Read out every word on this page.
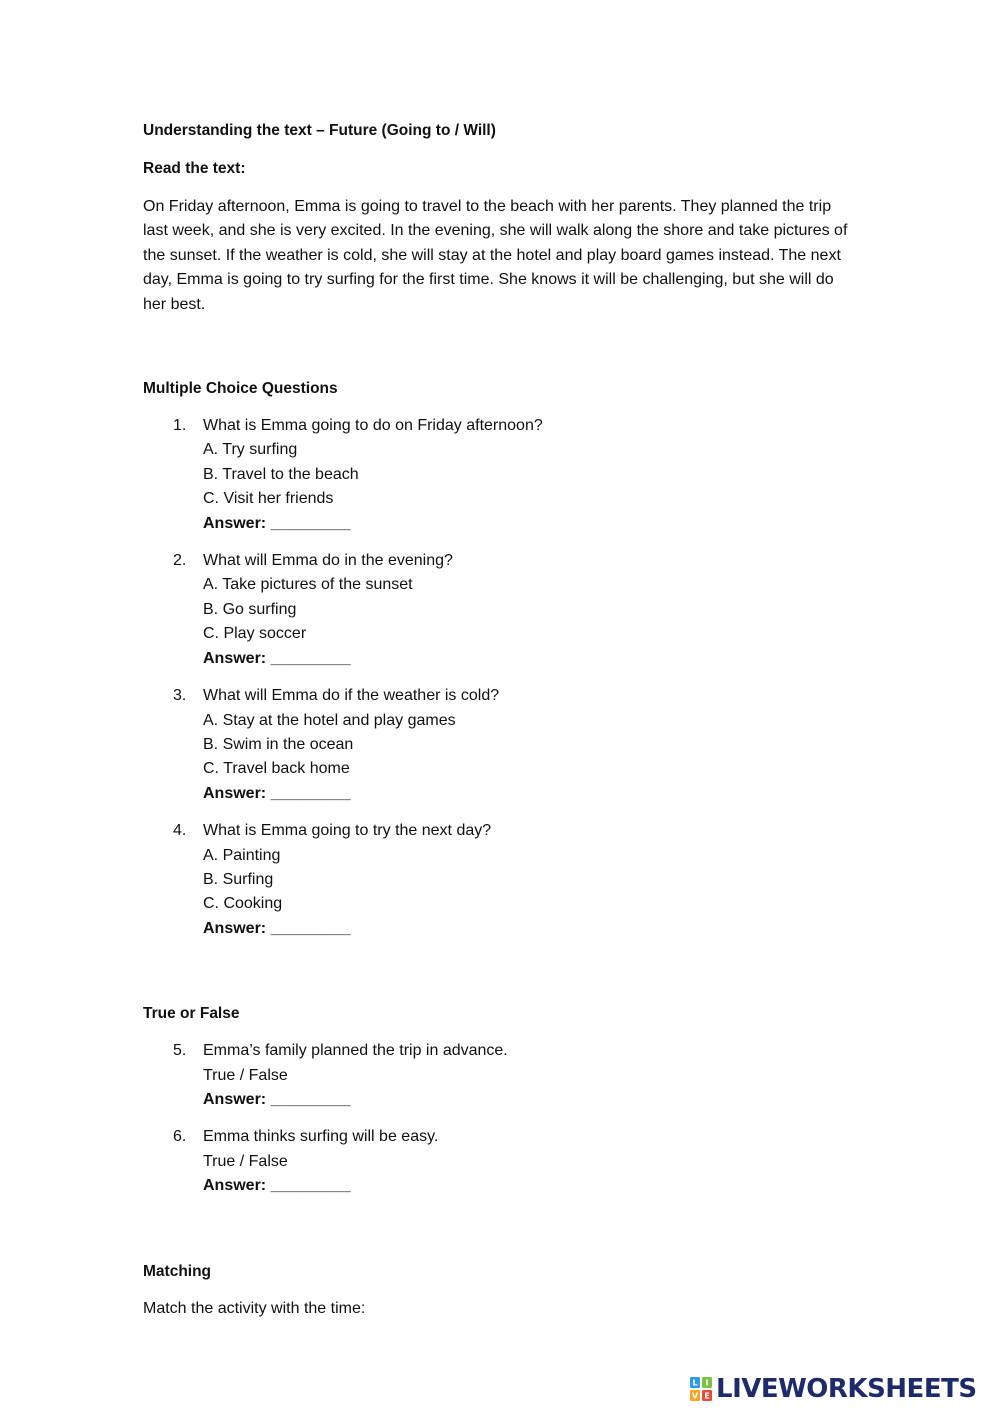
Understanding the text – Future (Going to / Will)

Read the text:

On Friday afternoon, Emma is going to travel to the beach with her parents. They planned the trip last week, and she is very excited. In the evening, she will walk along the shore and take pictures of the sunset. If the weather is cold, she will stay at the hotel and play board games instead. The next day, Emma is going to try surfing for the first time. She knows it will be challenging, but she will do her best.

Multiple Choice Questions

1. What is Emma going to do on Friday afternoon?
A. Try surfing
B. Travel to the beach
C. Visit her friends
Answer: _________
2. What will Emma do in the evening?
A. Take pictures of the sunset
B. Go surfing
C. Play soccer
Answer: _________
3. What will Emma do if the weather is cold?
A. Stay at the hotel and play games
B. Swim in the ocean
C. Travel back home
Answer: _________
4. What is Emma going to try the next day?
A. Painting
B. Surfing
C. Cooking
Answer: _________

True or False

5. Emma’s family planned the trip in advance.
True / False
Answer: _________
6. Emma thinks surfing will be easy.
True / False
Answer: _________

Matching

Match the activity with the time:

L I
V E LIVEWORKSHEETS
